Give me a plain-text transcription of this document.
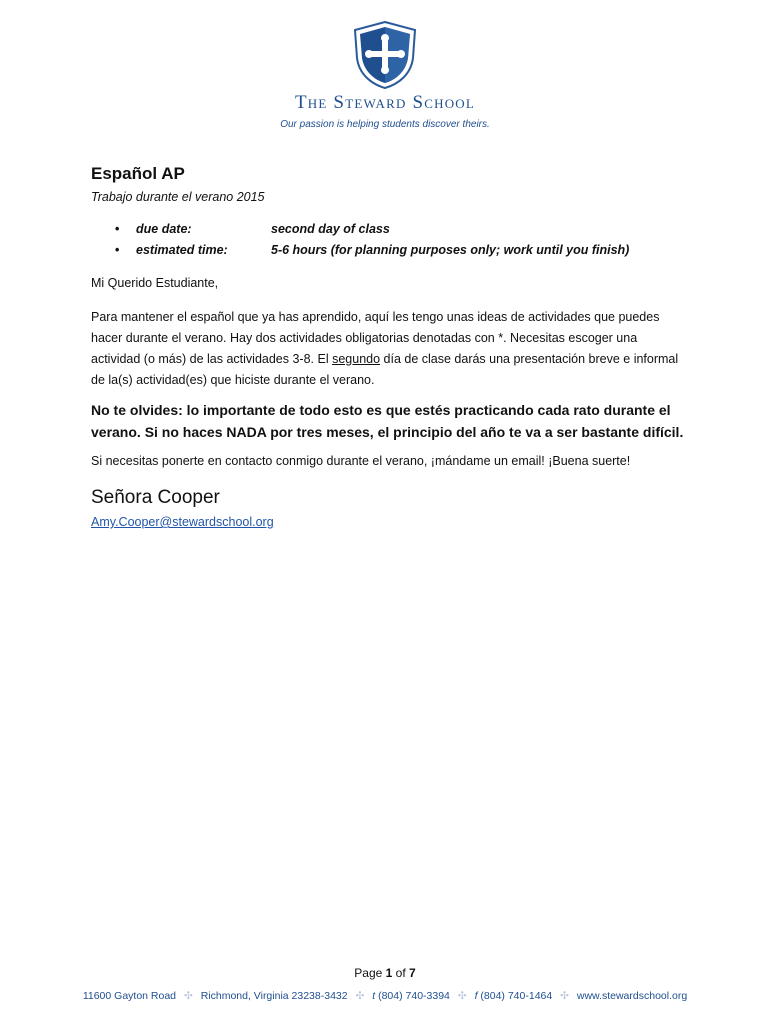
The Steward School
Our passion is helping students discover theirs.
Español AP
Trabajo durante el verano 2015
• due date:	second day of class
• estimated time:	5-6 hours (for planning purposes only; work until you finish)
Mi Querido Estudiante,
Para mantener el español que ya has aprendido, aquí les tengo unas ideas de actividades que puedes hacer durante el verano. Hay dos actividades obligatorias denotadas con *. Necesitas escoger una actividad (o más) de las actividades 3-8. El segundo día de clase darás una presentación breve e informal de la(s) actividad(es) que hiciste durante el verano.
No te olvides: lo importante de todo esto es que estés practicando cada rato durante el verano. Si no haces NADA por tres meses, el principio del año te va a ser bastante difícil.
Si necesitas ponerte en contacto conmigo durante el verano, ¡mándame un email! ¡Buena suerte!
Señora Cooper
Amy.Cooper@stewardschool.org
Page 1 of 7
11600 Gayton Road ✣ Richmond, Virginia 23238-3432 ✣ t (804) 740-3394 ✣ f (804) 740-1464 ✣ www.stewardschool.org
